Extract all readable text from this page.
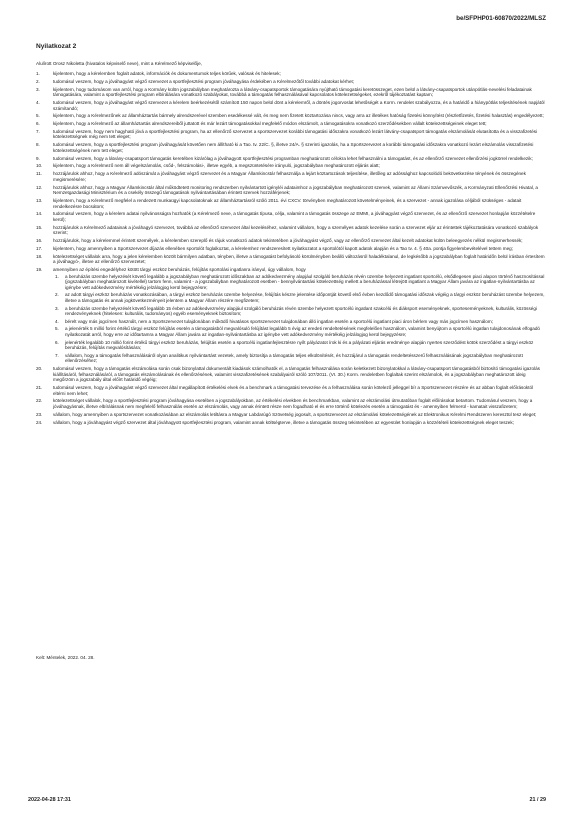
be/SFPHP01-60870/2022/MLSZ
Nyilatkozat 2
Alulírott Orosz Nikoletta (hivatalos képviselő neve), mint a Kérelmező képviselője,
1.	kijelentem, hogy a kérelemben foglalt adatok, információk és dokumentumok teljes körűek, valósak és hitelesek;
2.	tudomásul veszem, hogy a jóváhagyást végző szervezet a sportfejlesztési program jóváhagyása érdekében a Kérelmezőtől további adatokat kérhet;
3.	kijelentem, hogy tudomásom van arról, hogy a Kormány külön jogszabályban meghatározta a látvány-csapatsportok támogatására nyújtható támogatási keretösszeget, ezen belül a látvány-csapatsportok utánpótlás-nevelési feladatainak támogatására, valamint a sportfejlesztési program elbírálására vonatkozó szabályokat, továbbá a támogatás felhasználásával kapcsolatos kötelezettségeket, ezekről tájékoztatást kaptam;
4.	tudomásul veszem, hogy a jóváhagyást végző szervezet a kérelem beérkezésétől számított 150 napon belül dönt a kérelemről, a döntés jogorvoslat lehetőségét a Korm. rendelet szabályozza, és a határidő a hiánypótlás teljesítésének napjától számítandó;
5.	kijelentem, hogy a Kérelmezőnek az államháztartás bármely alrendszerével szemben esedékessé vált, és meg nem fizetett köztartozása nincs, vagy arra az illetékes hatóság fizetési könnyítést (részletfizetés, fizetési halasztás) engedélyezett;
6.	kijelentem, hogy a Kérelmező az államháztartás alrendszereiből juttatott és már lezárt támogatásokkal megfelelő módon elszámolt, a támogatásokra vonatkozó szerződésekben vállalt kötelezettségeinek eleget tett;
7.	tudomásul veszem, hogy nem hagyható jóvá a sportfejlesztési program, ha az ellenőrző szervezet a sportszervezet korábbi támogatási időszakra vonatkozó lezárt látvány-csapatsport támogatás elszámolását elutasította és a visszafizetési kötelezettségnek még nem tett eleget;
8.	tudomásul veszem, hogy a sportfejlesztési program jóváhagyását követően nem állítható ki a Tao. tv. 22/C. §, illetve 24/A. § szerinti igazolás, ha a Sportszervezet a korábbi támogatási időszakra vonatkozó lezárt elszámolás visszafizetési kötelezettségének nem tett eleget;
9.	tudomásul veszem, hogy a látvány-csapatsport támogatás keretében kizárólag a jóváhagyott sportfejlesztési programban meghatározott célokra lehet felhasználni a támogatást, és az ellenőrző szervezet ellenőrzési jogkörrel rendelkezik;
10. kijelentem, hogy a Kérelmező nem áll végelszámolás, csőd-, felszámolási-, illetve egyéb, a megszüntetésére irányuló, jogszabályban meghatározott eljárás alatt;
11. hozzájárulok ahhoz, hogy a Kérelmező adószámát a jóváhagyást végző szervezet és a Magyar Államkincstár felhasználja a lejárt köztartozások teljesítése, illetőleg az adóssághoz kapcsolódó bekövetkezése tényének és összegének megismerésére;
12. hozzájárulok ahhoz, hogy a Magyar Államkincstár által működtetett monitoring rendszerben nyilvántartott igényléi adataimhoz a jogszabályban meghatározott szervek, valamint az Állami Számvevőszék, a Kormányzati Ellenőrzési Hivatal, a Nemzetgazdasági Minisztérium és a csekély összegű támogatások nyilvántartásában érintett szervek hozzáférjenek;
13. kijelentem, hogy a Kérelmező megfelel a rendezett munkaügyi kapcsolatoknak az államháztartásról szóló 2011. évi CXCV. törvényben meghatározott követelményeinek, és a szervezet - annak igazolása céljából szükséges - adatait rendelkezésre bocsátom;
14. tudomásul veszem, hogy a kérelem adatai nyilvánosságra hozhatók (a Kérelmező neve, a támogatás típusa, célja, valamint a támogatás összege az EMMI, a jóváhagyást végző szervezet, és az ellenőrző szervezet honlapján közzétételre kerül);
15. hozzájárulok a Kérelmező adatainak a jóváhagyó szervezet, továbbá az ellenőrző szervezet által kezeléséhez, valamint vállalom, hogy a személyes adatok kezelése során a szervezet eljár az érintettek tájékoztatására vonatkozó szabályok szerint;
16. hozzájárulok, hogy a kérelemmel érintett személyek, a kérelemben szereplő és rájuk vonatkozó adatok tekintetében a jóváhagyást végző, vagy az ellenőrző szervezet által kezelt adatokat külön beleegyezés nélkül megismerhessék;
17. kijelentem, hogy amennyiben a Sportszervezet díjazás ellenében sportolót foglalkoztat, a kérelemhez rendszeresített nyilatkozatot a sportolótól kapott adatok alapján és a Tao tv. 4. § 40a. pontja figyelembevételével tettem meg;
18. kötelezettséget vállalok arra, hogy a jelen kérelemben közölt bármilyen adatban, tényben, illetve a támogatást befolyásoló körülményben beálló változásról haladéktalanul, de legkésőbb a jogszabályban foglalt határidőn belül írásban értesítem a jóváhagyó-, illetve az ellenőrző szervezetet;
19. amennyiben az építési engedélyhez kötött tárgyi eszköz beruházás, felújítás sportolási ingatlanra irányul, úgy vállalom, hogy
1. a beruházás üzembe helyezését követő legalább a jogszabályban meghatározott időszakban az adókedvezmény alapjául szolgáló beruházás révén üzembe helyezett ingatlant sportcélú, elsődlegesen piaci alapon történő hasznosítással (jogszabályban meghatározott kivétellel) tartom fenn, valamint - a jogszabályban meghatározott esetben - bennyilvántartási kötelezettség mellett a beruházással létrejött ingatlant a Magyar Állam javára az ingatlan-nyilvántartásba az igénybe vett adókedvezmény mértékéig jelzálogjog kerül bejegyzésre;
2. az adott tárgyi eszköz beruházás vonatkozásában, a tárgyi eszköz beruházás üzembe helyezése, felújítás készre jelentése időpontját követő első évben kezdődő támogatási időszak végéig a tárgyi eszköz beruházást üzembe helyezem, illetve a támogatás és annak jogkövetkezményeit jelentem a Magyar Állam részére megfizetem;
3. a beruházás üzembe helyezését követő legalább 15 évben az adókedvezmény alapjául szolgáló beruházás révén üzembe helyezett sportcélú ingatlant szakcélú és diáksport eseményeknek, sporteseményeknek, kulturális, közösségi rendezvényeknek (hitelesen: kulturális, tudományos) egyéb eseményeknek biztosítom;
4. bérelt vagy más jogcímen használt, nem a Sportszervezet tulajdonában működő hivatásos sportszervezet tulajdonában álló ingatlan esetén a sportcélú ingatlant piaci áron bérlem vagy más jogcímen használom;
5. a jelenérték 5 millió forint értékű tárgyi eszköz felújítás esetén a támogatásból megvalósuló felújítást legalább 5 évig az eredeti rendeltetésének megfelelően használom, valamint benyújtom a sportcélú ingatlan tulajdonosának elfogadó nyilatkozatát arról, hogy erre az időtartamra a Magyar Állam javára az ingatlan-nyilvántartásba az igénybe vett adókedvezmény mértékéig jelzálogjog kerül bejegyzésre;
6. jelenérték legalább 10 millió forint értékű tárgyi eszköz beruházás, felújítás esetén a sportcélú ingatlanfejlesztésre nyílt pályázatot írok ki és a pályázati eljárás eredménye alapján nyertes szerződést kötök szerződést a tárgyi eszköz beruházás, felújítás megvalósítására;
7. vállalom, hogy a támogatás felhasználásáról olyan analitikus nyilvántartást vezetek, amely biztosítja a támogatás teljes elkülönítését, és hozzájárul a támogatás rendeltetésszerű felhasználásának jogszabályban meghatározott ellenőrzéséhez;
20. tudomásul veszem, hogy a támogatás elszámolása során csak bizonylattal dokumentált kiadások számolhatók el, a támogatás felhasználása során keletkezett bizonylatokkal a látvány-csapatsport támogatásból biztosító támogatási igazolás kiállításáról, felhasználásáról, a támogatás elszámolásának és ellenőrzésének, valamint visszafizetésének szabályairól szóló 107/2011. (VI. 30.) Korm. rendeletben foglaltak szerint elszámolok, és a jogszabályban meghatározott ideig megőrzöm a jogszabály által előírt határidő végéig;
21. tudomásul veszem, hogy a jóváhagyást végző szervezet által megállapított értékelési elvek és a benchmark a támogatási tervezése és a felhasználása során kötelező jelleggel bír a Sportszervezet részére és az abban foglalt előírásoktól eltérni nem lehet;
22. kötelezettséget vállalok, hogy a sportfejlesztési program jóváhagyása esetében a jogszabályokban, az értékelési elvekben és benchmarkban, valamint az elszámolási útmutatóban foglalt előírásokat betartom. Tudomásul veszem, hogy a jóváhagyásnak, illetve elbírálásnak nem megfelelő felhasználás esetén az elszámolás, vagy annak érintett része nem fogadható el és erre történő kötelezés esetén a támogatást és - amennyiben felmerül - kamatait visszafizetem;
23. vállalom, hogy amennyiben a sportszervezet vonatkozásában az elszámolás letiltásra a Magyar Labdarúgó Szövetség jogosult, a sportszervezet az elszámolási kötelezettségének az Elektronikus Kérelmi Rendszeren keresztül tesz eleget;
24. vállalom, hogy a jóváhagyást végző szervezet által jóváhagyott sportfejlesztési program, valamint annak költségterve, illetve a támogatás összeg tekintetében az egyesület honlapján a közzétételi kötelezettségnek eleget teszek;
Kelt: Méntelek, 2022. 04. 28.
2022-04-28 17:31	21 / 29
